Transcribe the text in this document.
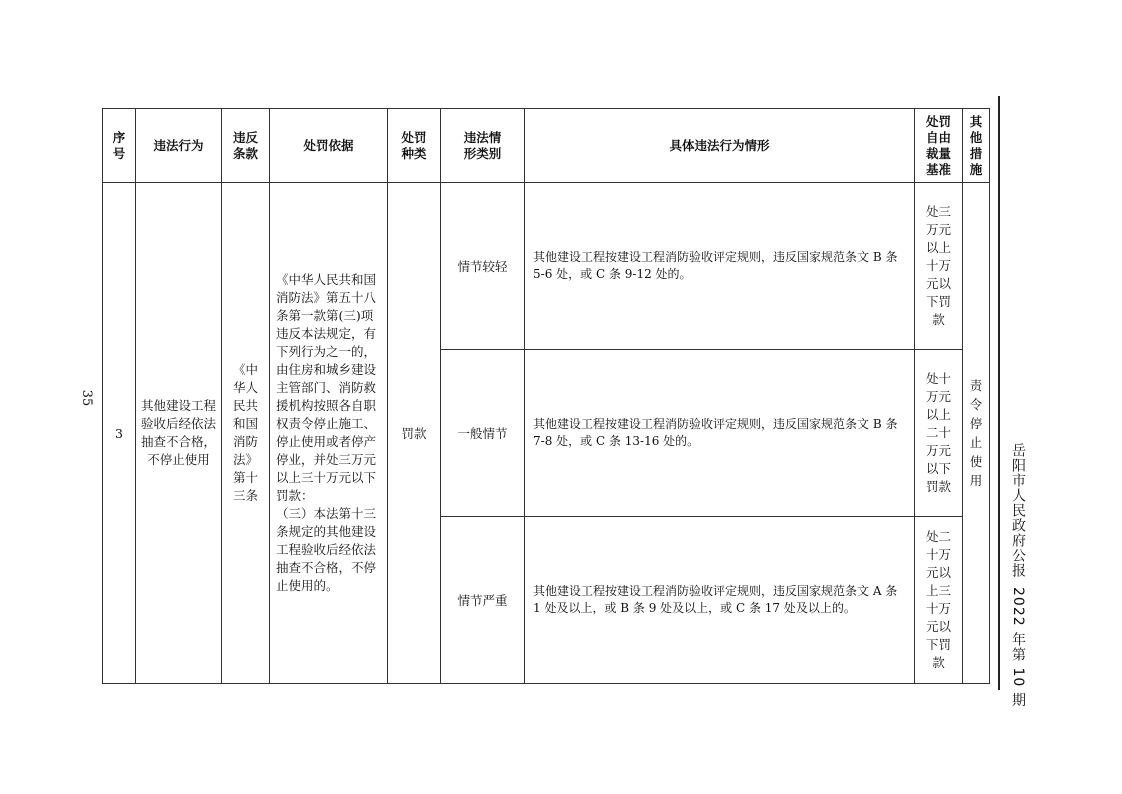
35
岳阳市人民政府公报
2022 年第 10 期
序号	违法行为	违反条款	处罚依据	处罚种类	违法情形类别	具体违法行为情形	处罚自由裁量基准	其他措施
3	其他建设工程验收后经依法抽查不合格，不停止使用	《中华人民共和国消防法》第十三条	《中华人民共和国消防法》第五十八条第一款第(三)项
违反本法规定，有下列行为之一的，由住房和城乡建设主管部门、消防救援机构按照各自职权责令停止施工、停止使用或者停产停业，并处三万元以上三十万元以下罚款：
（三）本法第十三条规定的其他建设工程验收后经依法抽查不合格，不停止使用的。	罚款	情节较轻	其他建设工程按建设工程消防验收评定规则，违反国家规范条文 B 条 5-6 处，或 C 条 9-12 处的。	处三万元以上十万元以下罚款	责令停止使用
					一般情节	其他建设工程按建设工程消防验收评定规则，违反国家规范条文 B 条 7-8 处，或 C 条 13-16 处的。	处十万元以上二十万元以下罚款	
					情节严重	其他建设工程按建设工程消防验收评定规则，违反国家规范条文 A 条 1 处及以上，或 B 条 9 处及以上，或 C 条 17 处及以上的。	处二十万元以上三十万元以下罚款	
